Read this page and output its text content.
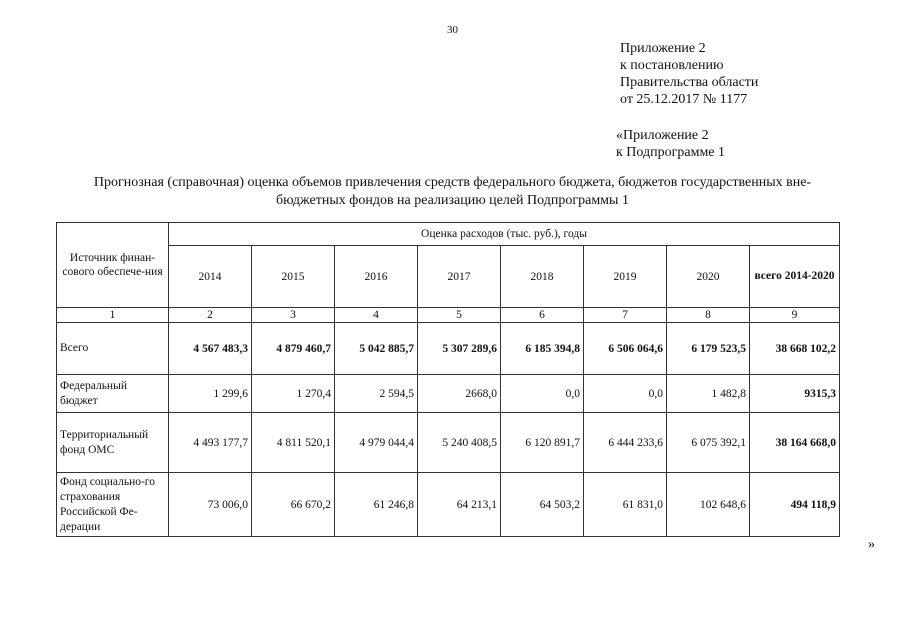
30
Приложение 2
к постановлению
Правительства области
от 25.12.2017 № 1177
«Приложение 2
к Подпрограмме 1
Прогнозная (справочная) оценка объемов привлечения средств федерального бюджета, бюджетов государственных вне-бюджетных фондов на реализацию целей Подпрограммы 1
Источник финан-сового обеспече-ния	Оценка расходов (тыс. руб.), годы							
	2014	2015	2016	2017	2018	2019	2020	всего 2014-2020
1	2	3	4	5	6	7	8	9
Всего	4 567 483,3	4 879 460,7	5 042 885,7	5 307 289,6	6 185 394,8	6 506 064,6	6 179 523,5	38 668 102,2
Федеральный бюджет	1 299,6	1 270,4	2 594,5	2668,0	0,0	0,0	1 482,8	9315,3
Территориальный фонд ОМС	4 493 177,7	4 811 520,1	4 979 044,4	5 240 408,5	6 120 891,7	6 444 233,6	6 075 392,1	38 164 668,0
Фонд социально-го страхования Российской Фе-дерации	73 006,0	66 670,2	61 246,8	64 213,1	64 503,2	61 831,0	102 648,6	494 118,9
»
